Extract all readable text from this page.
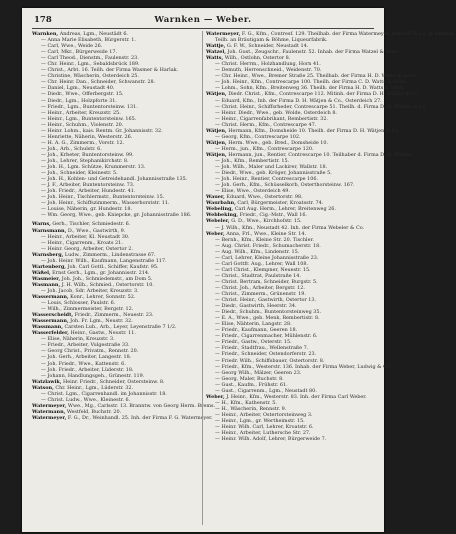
178	Warnken — Weber.
Warnken, Andreas, Lgm., Neustädt 6.
— Anna Marie Elisabeth, Bürgerstr. 1.
— Carl, Wwe., Weide 26.
— Carl, Mkr., Bürgerweide 17.
— Carl Theod., Dienstm., Faulenstr. 23.
— Chr. Heinr., Lgm., Sebaldsbrück 189.
— Christ., Arbt. 16. Teilh. der Firma Wasmer & Harlak.
— Christine, Wäscherin, Osterdeich 25.
— Chr. Heinr. Dan., Schneider, Schwanstr. 28.
— Daniel, Lgm., Neustadt 40.
— Diedr., Wwe., Offerbergstr. 15.
— Diedr., Lgm., Holzpforte 31.
— Friedr., Lgm., Buntentorsteinw. 131.
— Heinr., Arbeiter, Kreuzstr. 25.
— Heinr., Lgm., Buntentorsteinw. 165.
— Heinr., Schuhm., Violenstr. 20.
— Heinr. Lohm., kais. Rentm. Gr. Johannisstr. 32.
— Henriette, Näherin, Westerstr. 26.
— H. A. G., Zimmerm., Vorstr. 12.
— Joh., Arb., Schulstr. 6.
— Joh., Krbeter, Buntentorsteinw. 99.
— Joh., Lehrer, Stephanikirchstr. 8.
— Joh. H., Lgm. Schütze, Krummerstr. 13.
— Joh., Schneider, Kleinestr. 5.
— Joh. H., Kohlen- und Getreidehandl. Johannisstraße 135.
— J. F., Arbeiter, Buntentorsteinw. 73.
— Joh. Friedr., Arbeiter, Hundestr. 41.
— Joh. Heinr., Tischlermstr., Buntentorsteinw. 15.
— Joh. Heinr., Schiffszimmerm., Wasserhorststr. 11.
— Louise, Näherin, gr. Hundestr. 18.
— Wm. Georg, Wwe., geb. Kniepcke, gr. Johannisstraße 186.
Warns, Gerh., Tischler, Schmiedestr. 6.
Warnsmann, D., Wwe., Gastwirth, 9.
— Heinr., Arbeiter, Kl. Neustadt 30.
— Heinr., Cigarrenm., Kroats 21.
— Heinr. Georg, Arbeiter, Ostertor 2.
Warnsberg, Ludw., Zimmerm., Lindenstrasse 67.
— Joh. Heinr. Wilh., Kaufmann, Langenstraße 117.
Wartenberg, Joh. Carl Gottl., Schiffer, Kaufstr. 95.
Wäßel, Ernst Gerh., Lgm., gr. Johannisstr. 214.
Wasmeier, Joh. Joh., Schmiedemstr., am Dom 5.
Wasmann, J. H. Wilh., Schmied., Ostertorstr. 10.
— Joh. Jacob, Sdr. Arbeiter, Kreuzstr. 3.
Wassermann, Konr., Lehrer, Sonnstr. 52.
— Louis, Schlosser, Paulstr. 6.
— Wilh., Zimmermeister, Bergstr. 12.
Wasserscheidt, Friedr., Zimmerm., Neuestr. 23.
Wassermann, Joh. Fr. Lgm., Neustr. 32.
Wassmann, Carsten Luh., Arb., Leyer, Leyenstraße 7 1/2.
Wasserfelder, Heinr., Gastw., Neustr. 11.
— Elise, Näherin, Kreuzstr. 3.
— Friedr., Arbeiter, Vulgestraße 33.
— Georg Christ., Privatm., Rennstr. 20.
— Joh. Gerh., Arbeiter, Langestr. 18.
— Joh. Friedr., Wwe., Kattenstr. 6.
— Joh. Friedr., Arbeiter, Lüderstr. 18.
— Johann, Handlungsgeh., Grünestr. 119.
Watzlawik, Heinr. Friedr., Schneider, Ostersteinw. 8.
Watson, Chr. Heinr., Lgm., Lüderstr. 32.
— Christ. Lgm., Cigarrenhandl. im Johannisstr. 18.
— Christ. Ludw., Wwe., Kleinestr. 6.
Watermeyer, Wwe., Mg., Carlsstr. 13. Branntw. von Georg Herm. Brems.
Watermann, Westfeld, Buchstr. 20.
Watermeyer, F. G., Dr., Weinhandl. 25. Inh. der Firma F. G. Watermeyer.
Watermeyer, F. G., Kfm., Contresf. 129. Theilhab. der Firma Watermeyer, Bischoff & Co. in Bremen.
Teilh. an Bräutigam & Böhme, Liqueurfabrik.
Wattje, G. F. W., Schneider, Neustadt 14.
Watzel, Joh. Gust., Zeugschr., Faulenstr. 52. Inhab. der Firma Watzel & Sohn.
Watts, Wilh., Ostlohn, Ostertor 8.
— Christ. Herrm., Holzhandlung, Horn 41.
— Demuth, Herrenschneid., Weidenstr. 70.
— Chr. Heinr., Wwe., Bremer Straße 25. Theilhab. der Firma H. D. Watts & Sohn.
— Joh. Heinr., Kfm., Contrescarpe 100. Theilh. der Firma C. D. Watts & Sohn.
— Lohm., Sohn, Kfm., Breitenweg 36. Theilh. der Firma H. D. Watts & Sohn.
Wätjen, Diedr. Christ., Kfm., Contrescarpe 112. Mitinh. der Firma D. H. Wätjen & Co.
— Eduard, Kfm., Inh. der Firma D. H. Wätjen & Co., Osterdeich 27.
— Christ. Heinr., Schiffsrheder, Contrescarpe 51. Theilh. d. Firma D. H. Wätjen & Co.
— Heinr. Diedr., Wwe., geb. Wolde, Osterdeich 8.
— Heinr., Cigarrenfabrikant, Rembertistr. 32.
— Christ. Herm., Kfm., Contrescarpe 47.
Wätjen, Hermann, Kfm., Domsheide 10. Theilh. der Firma D. H. Wätjen & Co.
— Georg, Kfm., Contrescarpe 102.
Wätjen, Herm. Wwe., geb. Bred., Domsheide 10.
— Herm., jun., Kfm., Contrescarpe 120.
Wätjen, Hermann, jun., Rentier, Contrescarpe 10. Teilhaber d. Firma D. H. Wätjen.
— Joh., Kfm., Rembertistr. 15.
— Joh. Wilh., Maler und Lackirer, Wallstr. 18.
— Diedr., Wwe., geb. Kröger, Johannisstraße 5.
— Joh. Heinr., Rentier, Contrescarpe 106.
— Joh. Gerh., Kfm., Schüsselkorb, Osterthorsteinw. 167.
— Elise, Wwe., Osterdeich 49.
Wauer, Eduard, Wwe., Ostertorstr. 98.
Waurbahn, Carl, Bürgermeister, Kroatsstr. 74.
Webeling, Carl Aug. Herm., Lehrer, Breitenweg 26.
Webbeking, Friedr., Cig.-Mstr., Wall 16.
Webeler, G. D., Wwe., Kirchhofstr. 15.
— J. Wilh., Kfm., Neustadt 42. Inh. der Firma Webeler & Co.
Weber, Anna, Frl., Wwe., Kleine Str. 14.
— Bernh., Kfm., Kleine Str. 20. Tischler.
— Aug. Christ. Friedr., Schumacherstr. 18.
— Aug. Wilh., Kfm., Lindenstr. 15.
— Carl, Lehrer, Kleine Johannisstraße 23.
— Carl Gottfr. Aug., Lehrer, Wall 108.
— Carl Christ., Klempner, Neuestr. 15.
— Christ., Stadtrat, Paulstraße 14.
— Christ. Bertram, Schneider, Burgstr. 5.
— Christ. Joh., Arbeiter, Bergstr. 12.
— Christ., Zimmerm., Grünenstr. 19.
— Christ. Heinr., Gastwirth, Ostertor 13.
— Diedr., Gastwirth, Heerstr. 34.
— Diedr., Schuhm., Buntentorsteinweg 35.
— E. A., Wwe., geb. Menk, Rembertistr. 8.
— Elise, Nähterin, Langstr. 28.
— Friedr., Kaufmann, Geeren 18.
— Friedr., Cigarrenmacher, Mühlenstr. 6.
— Friedr., Gastw., Osterstr. 15.
— Friedr., Stadtfrau., Wellenstraße 7.
— Friedr., Schneider, Ostendorferstr. 23.
— Friedr. Wilh., Schiffsbauer, Ostertorstr. 8.
— Friedr., Kfm., Westerstr. 136. Inhab. der Firma Weber, Ludwig & Co.
— Georg Wilh., Mälzer, Geeren 23.
— Georg, Maler, Buchstr. 8.
— Gust., Kaufm., Frühstr. 61.
— Gust., Cigarrenm., Lgm., Neustadt 80.
Weber, J. Heinr., Kfm., Westerstr. 83. Inh. der Firma Carl Weber.
— H., Kfm., Kathenstr. 5.
— H., Wäscherin, Rennstr. 9.
— Heinr., Arbeiter, Ostertorsteinweg 3.
— Heinr., Lgm., gr. Wertheimstr. 15.
— Heinr. Wilh. Carl, Lehrer, Kroatstr. 6.
— Heinr., Arbeiter, Luthersche Str. 27.
— Heinr. Wilh. Adolf, Lehrer, Bürgerweide 7.
